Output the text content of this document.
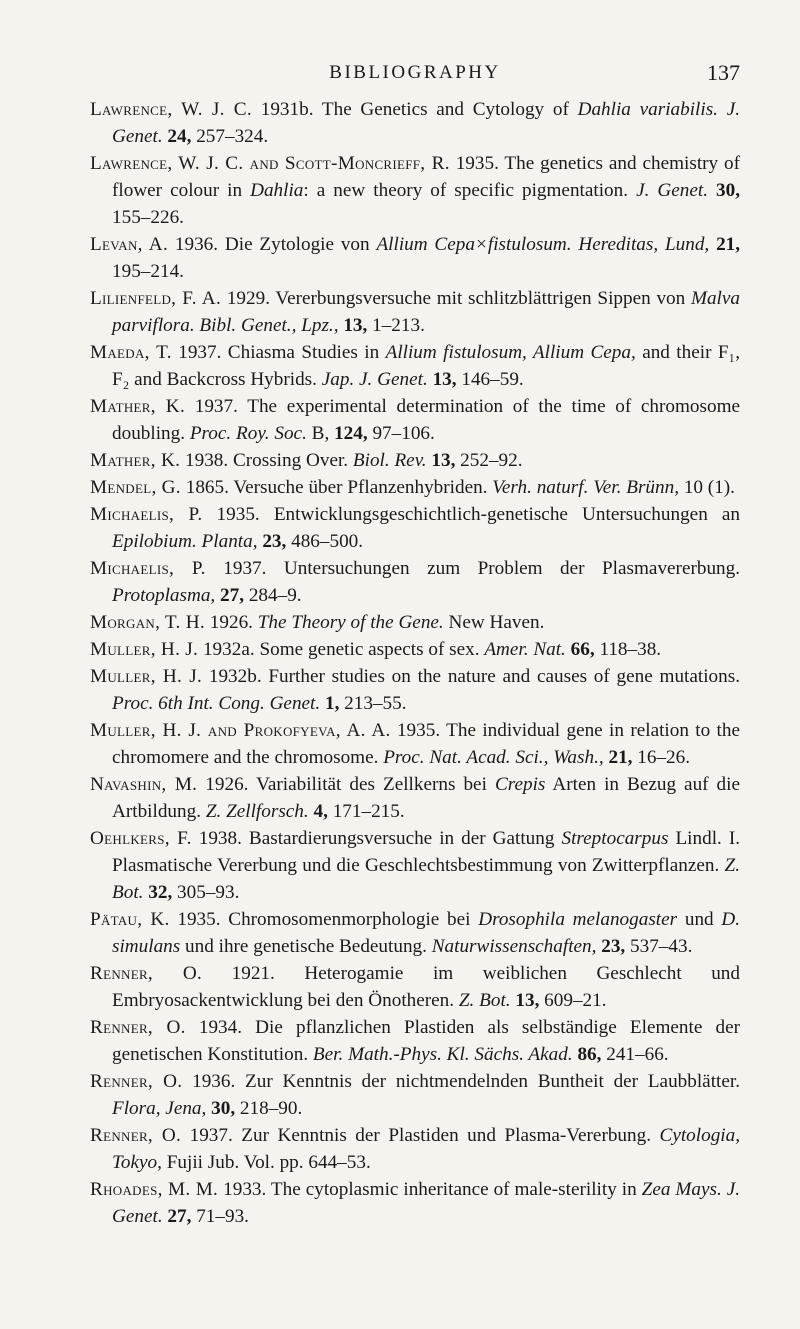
BIBLIOGRAPHY	137

Lawrence, W. J. C. 1931b. The Genetics and Cytology of Dahlia variabilis. J. Genet. 24, 257–324.

Lawrence, W. J. C. and Scott-Moncrieff, R. 1935. The genetics and chemistry of flower colour in Dahlia: a new theory of specific pigmentation. J. Genet. 30, 155–226.

Levan, A. 1936. Die Zytologie von Allium Cepa×fistulosum. Hereditas, Lund, 21, 195–214.

Lilienfeld, F. A. 1929. Vererbungsversuche mit schlitzblättrigen Sippen von Malva parviflora. Bibl. Genet., Lpz., 13, 1–213.

Maeda, T. 1937. Chiasma Studies in Allium fistulosum, Allium Cepa, and their F₁, F₂ and Backcross Hybrids. Jap. J. Genet. 13, 146–59.

Mather, K. 1937. The experimental determination of the time of chromosome doubling. Proc. Roy. Soc. B, 124, 97–106.

Mather, K. 1938. Crossing Over. Biol. Rev. 13, 252–92.

Mendel, G. 1865. Versuche über Pflanzenhybriden. Verh. naturf. Ver. Brünn, 10 (1).

Michaelis, P. 1935. Entwicklungsgeschichtlich-genetische Untersuchungen an Epilobium. Planta, 23, 486–500.

Michaelis, P. 1937. Untersuchungen zum Problem der Plasmavererbung. Protoplasma, 27, 284–9.

Morgan, T. H. 1926. The Theory of the Gene. New Haven.

Muller, H. J. 1932a. Some genetic aspects of sex. Amer. Nat. 66, 118–38.

Muller, H. J. 1932b. Further studies on the nature and causes of gene mutations. Proc. 6th Int. Cong. Genet. 1, 213–55.

Muller, H. J. and Prokofyeva, A. A. 1935. The individual gene in relation to the chromomere and the chromosome. Proc. Nat. Acad. Sci., Wash., 21, 16–26.

Navashin, M. 1926. Variabilität des Zellkerns bei Crepis Arten in Bezug auf die Artbildung. Z. Zellforsch. 4, 171–215.

Oehlkers, F. 1938. Bastardierungsversuche in der Gattung Streptocarpus Lindl. I. Plasmatische Vererbung und die Geschlechtsbestimmung von Zwitterpflanzen. Z. Bot. 32, 305–93.

Pätau, K. 1935. Chromosomenmorphologie bei Drosophila melanogaster und D. simulans und ihre genetische Bedeutung. Naturwissenschaften, 23, 537–43.

Renner, O. 1921. Heterogamie im weiblichen Geschlecht und Embryosackentwicklung bei den Önotheren. Z. Bot. 13, 609–21.

Renner, O. 1934. Die pflanzlichen Plastiden als selbständige Elemente der genetischen Konstitution. Ber. Math.-Phys. Kl. Sächs. Akad. 86, 241–66.

Renner, O. 1936. Zur Kenntnis der nichtmendelnden Buntheit der Laubblätter. Flora, Jena, 30, 218–90.

Renner, O. 1937. Zur Kenntnis der Plastiden und Plasma-Vererbung. Cytologia, Tokyo, Fujii Jub. Vol. pp. 644–53.

Rhoades, M. M. 1933. The cytoplasmic inheritance of male-sterility in Zea Mays. J. Genet. 27, 71–93.
